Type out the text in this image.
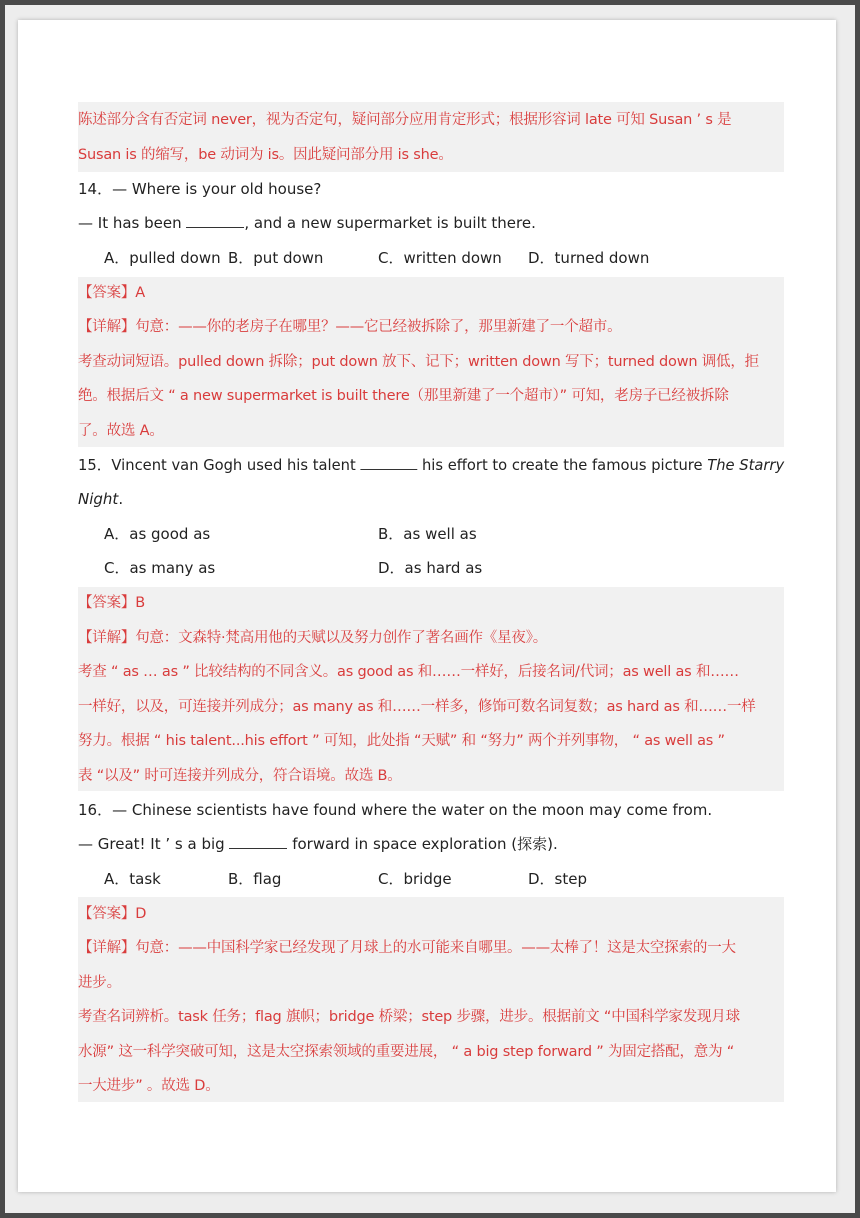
陈述部分含有否定词 never，视为否定句，疑问部分应用肯定形式；根据形容词 late 可知 Susan ’ s 是
Susan is 的缩写，be 动词为 is。因此疑问部分用 is she。
14．— Where is your old house?
— It has been	, and a new supermarket is built there.
A．pulled down B．put down	C．written down D．turned down
【答案】A
【详解】句意：——你的老房子在哪里？——它已经被拆除了，那里新建了一个超市。
考查动词短语。pulled down 拆除；put down 放下、记下；written down 写下；turned down 调低，拒
绝。根据后文 “ a new supermarket is built there（那里新建了一个超市）” 可知，老房子已经被拆除
了。故选 A。
15．Vincent van Gogh used his talent	his effort to create the famous picture The Starry
Night.
A．as good as	B．as well as
C．as many as	D．as hard as
【答案】B
【详解】句意：文森特·梵高用他的天赋以及努力创作了著名画作《星夜》。
考查 “ as … as ” 比较结构的不同含义。as good as 和……一样好，后接名词/代词；as well as 和……
一样好，以及，可连接并列成分；as many as 和……一样多，修饰可数名词复数；as hard as 和……一样
努力。根据 “ his talent...his effort ” 可知，此处指 “天赋” 和 “努力” 两个并列事物， “ as well as ”
表 “以及” 时可连接并列成分，符合语境。故选 B。
16．— Chinese scientists have found where the water on the moon may come from.
— Great! It ’ s a big	forward in space exploration (探索).
A．task	B．flag	C．bridge	D．step
【答案】D
【详解】句意：——中国科学家已经发现了月球上的水可能来自哪里。——太棒了！这是太空探索的一大
进步。
考查名词辨析。task 任务；flag 旗帜；bridge 桥梁；step 步骤，进步。根据前文 “中国科学家发现月球
水源” 这一科学突破可知，这是太空探索领域的重要进展， “ a big step forward ” 为固定搭配，意为 “
一大进步” 。故选 D。
